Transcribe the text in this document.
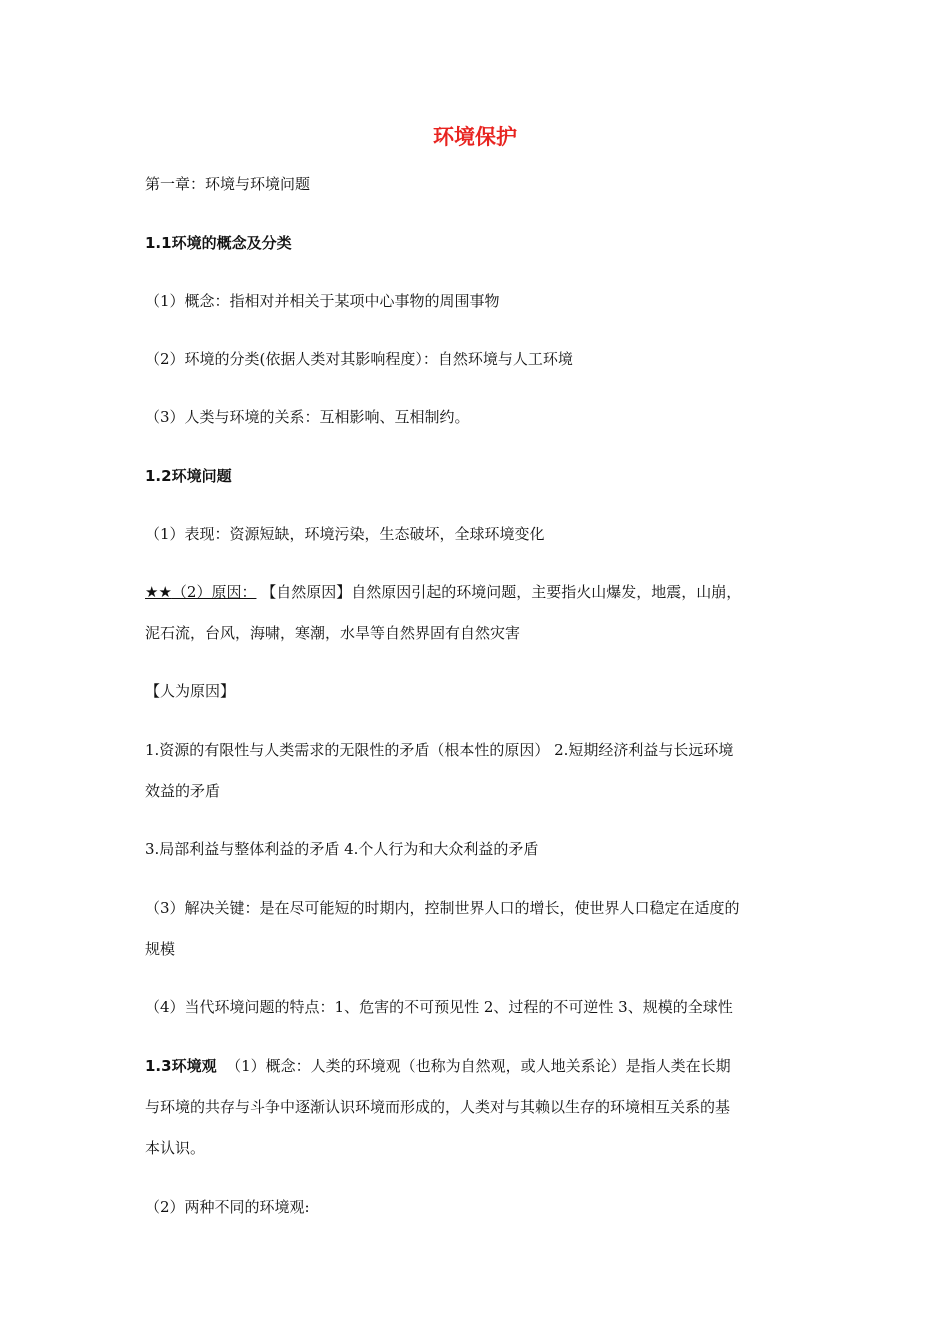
环境保护
第一章：环境与环境问题
1.1环境的概念及分类
（1）概念：指相对并相关于某项中心事物的周围事物
（2）环境的分类(依据人类对其影响程度）：自然环境与人工环境
（3）人类与环境的关系：互相影响、互相制约。
1.2环境问题
（1）表现：资源短缺，环境污染，生态破坏，全球环境变化
★★（2）原因： 【自然原因】自然原因引起的环境问题，主要指火山爆发，地震，山崩，
泥石流，台风，海啸，寒潮，水旱等自然界固有自然灾害
【人为原因】
1.资源的有限性与人类需求的无限性的矛盾（根本性的原因） 2.短期经济利益与长远环境
效益的矛盾
3.局部利益与整体利益的矛盾 4.个人行为和大众利益的矛盾
（3）解决关键：是在尽可能短的时期内，控制世界人口的增长，使世界人口稳定在适度的
规模
（4）当代环境问题的特点：1、危害的不可预见性 2、过程的不可逆性 3、规模的全球性
1.3环境观 （1）概念：人类的环境观（也称为自然观，或人地关系论）是指人类在长期
与环境的共存与斗争中逐渐认识环境而形成的，人类对与其赖以生存的环境相互关系的基
本认识。
（2）两种不同的环境观:
